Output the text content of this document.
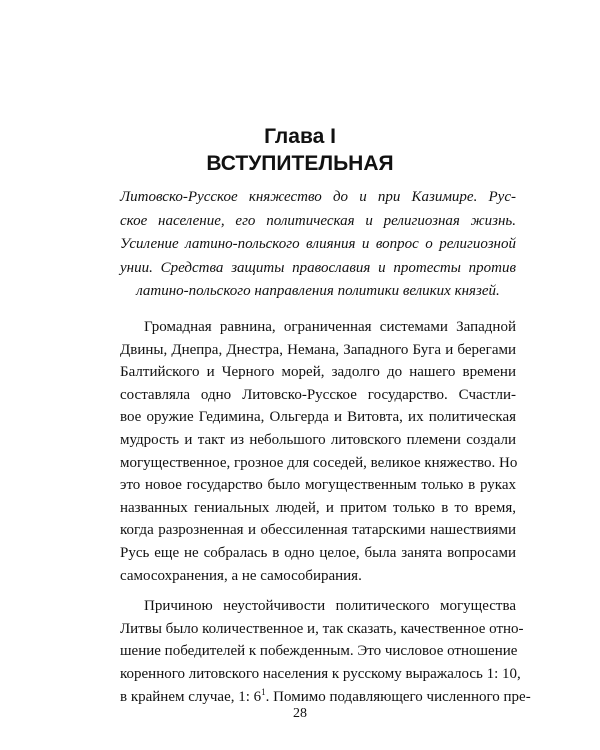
Глава I
ВСТУПИТЕЛЬНАЯ
Литовско-Русское княжество до и при Казимире. Рус-
ское население, его политическая и религиозная жизнь.
Усиление латино-польского влияния и вопрос о религиозной
унии. Средства защиты православия и протесты против
латино-польского направления политики великих князей.
Громадная равнина, ограниченная системами Западной
Двины, Днепра, Днестра, Немана, Западного Буга и берегами
Балтийского и Черного морей, задолго до нашего времени
составляла одно Литовско-Русское государство. Счастли-
вое оружие Гедимина, Ольгерда и Витовта, их политическая
мудрость и такт из небольшого литовского племени создали
могущественное, грозное для соседей, великое княжество. Но
это новое государство было могущественным только в руках
названных гениальных людей, и притом только в то время,
когда разрозненная и обессиленная татарскими нашествиями
Русь еще не собралась в одно целое, была занята вопросами
самосохранения, а не самособирания.
Причиною неустойчивости политического могущества
Литвы было количественное и, так сказать, качественное отно-
шение победителей к побежденным. Это числовое отношение
коренного литовского населения к русскому выражалось 1: 10,
в крайнем случае, 1: $6^1$. Помимо подавляющего численного пре-
28
